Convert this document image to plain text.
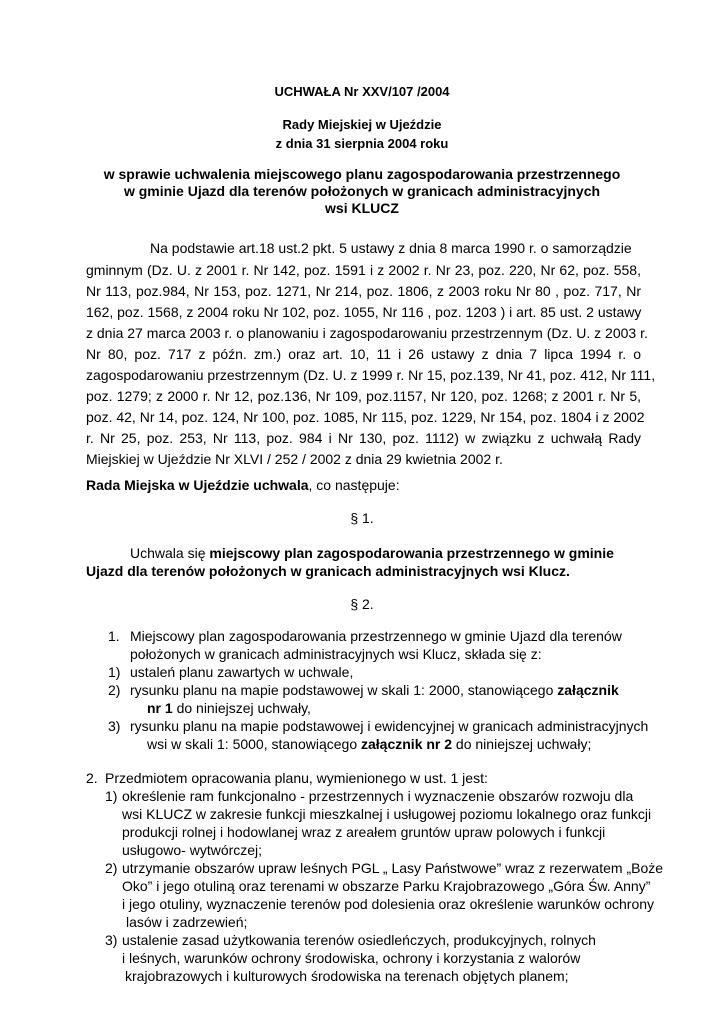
UCHWAŁA Nr XXV/107 /2004
Rady Miejskiej w Ujeździe
z dnia 31 sierpnia 2004 roku
w sprawie uchwalenia miejscowego planu zagospodarowania przestrzennego
w gminie Ujazd dla terenów położonych w granicach administracyjnych
wsi KLUCZ
Na podstawie art.18 ust.2 pkt. 5 ustawy z dnia 8 marca 1990 r. o samorządzie
gminnym (Dz. U. z 2001 r. Nr 142, poz. 1591 i z 2002 r. Nr 23, poz. 220, Nr 62, poz. 558,
Nr 113, poz.984, Nr 153, poz. 1271, Nr 214, poz. 1806, z 2003 roku Nr 80 , poz. 717, Nr
162, poz. 1568, z 2004 roku Nr 102, poz. 1055, Nr 116 , poz. 1203 ) i art. 85 ust. 2 ustawy
z dnia 27 marca 2003 r. o planowaniu i zagospodarowaniu przestrzennym (Dz. U. z 2003 r.
Nr 80, poz. 717 z późn. zm.) oraz art. 10, 11 i 26 ustawy z dnia 7 lipca 1994 r. o
zagospodarowaniu przestrzennym (Dz. U. z 1999 r. Nr 15, poz.139, Nr 41, poz. 412, Nr 111,
poz. 1279; z 2000 r. Nr 12, poz.136, Nr 109, poz.1157, Nr 120, poz. 1268; z 2001 r. Nr 5,
poz. 42, Nr 14, poz. 124, Nr 100, poz. 1085, Nr 115, poz. 1229, Nr 154, poz. 1804 i z 2002
r. Nr 25, poz. 253, Nr 113, poz. 984 i Nr 130, poz. 1112) w związku z uchwałą Rady
Miejskiej w Ujeździe Nr XLVI / 252 / 2002 z dnia 29 kwietnia 2002 r.
Rada Miejska w Ujeździe uchwala, co następuje:
§ 1.
Uchwala się miejscowy plan zagospodarowania przestrzennego w gminie
Ujazd dla terenów położonych w granicach administracyjnych wsi Klucz.
§ 2.
1. Miejscowy plan zagospodarowania przestrzennego w gminie Ujazd dla terenów
położonych w granicach administracyjnych wsi Klucz, składa się z:
1) ustaleń planu zawartych w uchwale,
2) rysunku planu na mapie podstawowej w skali 1: 2000, stanowiącego załącznik
nr 1 do niniejszej uchwały,
3) rysunku planu na mapie podstawowej i ewidencyjnej w granicach administracyjnych
wsi w skali 1: 5000, stanowiącego załącznik nr 2 do niniejszej uchwały;
2. Przedmiotem opracowania planu, wymienionego w ust. 1 jest:
1) określenie ram funkcjonalno - przestrzennych i wyznaczenie obszarów rozwoju dla
wsi KLUCZ w zakresie funkcji mieszkalnej i usługowej poziomu lokalnego oraz funkcji
produkcji rolnej i hodowlanej wraz z areałem gruntów upraw polowych i funkcji
usługowo- wytwórczej;
2) utrzymanie obszarów upraw leśnych PGL „ Lasy Państwowe” wraz z rezerwatem „Boże
Oko” i jego otuliną oraz terenami w obszarze Parku Krajobrazowego „Góra Św. Anny”
i jego otuliny, wyznaczenie terenów pod dolesienia oraz określenie warunków ochrony
lasów i zadrzewień;
3) ustalenie zasad użytkowania terenów osiedleńczych, produkcyjnych, rolnych
i leśnych, warunków ochrony środowiska, ochrony i korzystania z walorów
krajobrazowych i kulturowych środowiska na terenach objętych planem;
